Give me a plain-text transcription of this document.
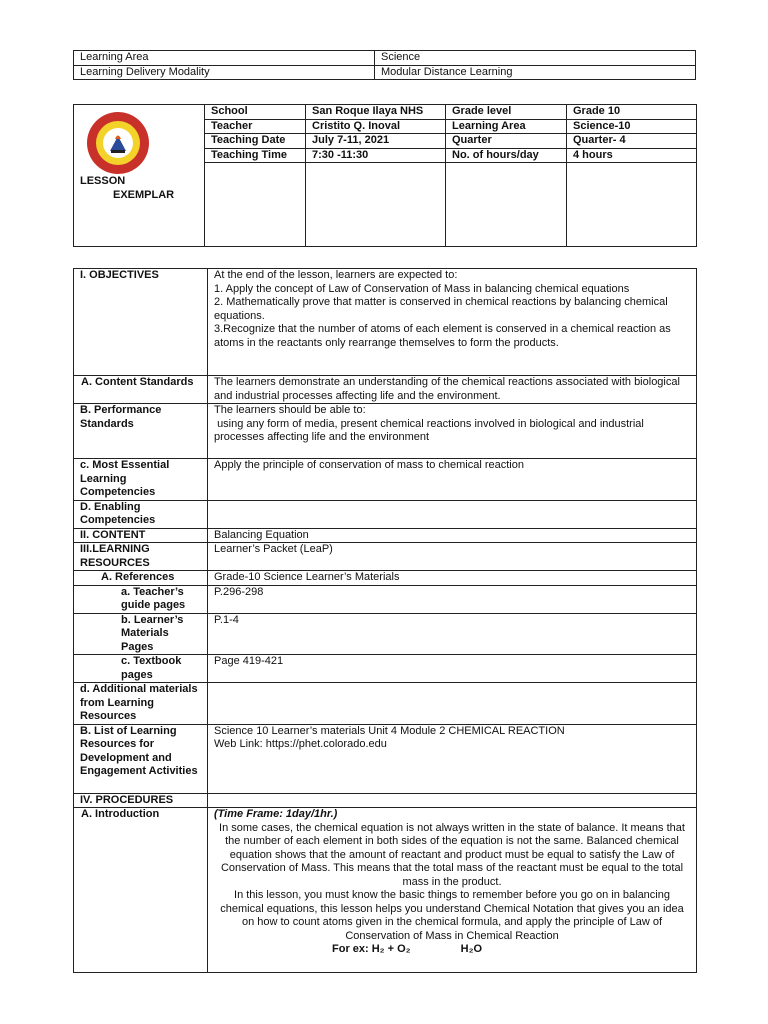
Learning Area	Science
Learning Delivery Modality	Modular Distance Learning
LESSON
EXEMPLAR	School	San Roque Ilaya NHS	Grade level	Grade 10
	Teacher	Cristito Q. Inoval	Learning Area	Science-10
	Teaching Date	July 7-11, 2021	Quarter	Quarter- 4
	Teaching Time	7:30 -11:30	No. of hours/day	4 hours

I. OBJECTIVES	At the end of the lesson, learners are expected to:
1. Apply the concept of Law of Conservation of Mass in balancing chemical equations
2. Mathematically prove that matter is conserved in chemical reactions by balancing chemical equations.
3.Recognize that the number of atoms of each element is conserved in a chemical reaction as atoms in the reactants only rearrange themselves to form the products.

A. Content Standards	The learners demonstrate an understanding of the chemical reactions associated with biological and industrial processes affecting life and the environment.
B. Performance Standards	The learners should be able to:
using any form of media, present chemical reactions involved in biological and industrial processes affecting life and the environment

c. Most Essential Learning Competencies	Apply the principle of conservation of mass to chemical reaction
D. Enabling Competencies	
II. CONTENT	Balancing Equation
III.LEARNING RESOURCES	Learner’s Packet (LeaP)
A. References	Grade-10 Science Learner’s Materials
a. Teacher’s guide pages	P.296-298
b. Learner’s Materials Pages	P.1-4
c. Textbook pages	Page 419-421
d. Additional materials from Learning Resources	
B. List of Learning Resources for Development and Engagement Activities	Science 10 Learner’s materials Unit 4 Module 2 CHEMICAL REACTION
Web Link: https://phet.colorado.edu

IV. PROCEDURES	
A. Introduction	(Time Frame: 1day/1hr.)
In some cases, the chemical equation is not always written in the state of balance. It means that the number of each element in both sides of the equation is not the same. Balanced chemical equation shows that the amount of reactant and product must be equal to satisfy the Law of Conservation of Mass. This means that the total mass of the reactant must be equal to the total mass in the product.
In this lesson, you must know the basic things to remember before you go on in balancing chemical equations, this lesson helps you understand Chemical Notation that gives you an idea on how to count atoms given in the chemical formula, and apply the principle of Law of Conservation of Mass in Chemical Reaction
For ex: H₂ + O₂ H₂O
